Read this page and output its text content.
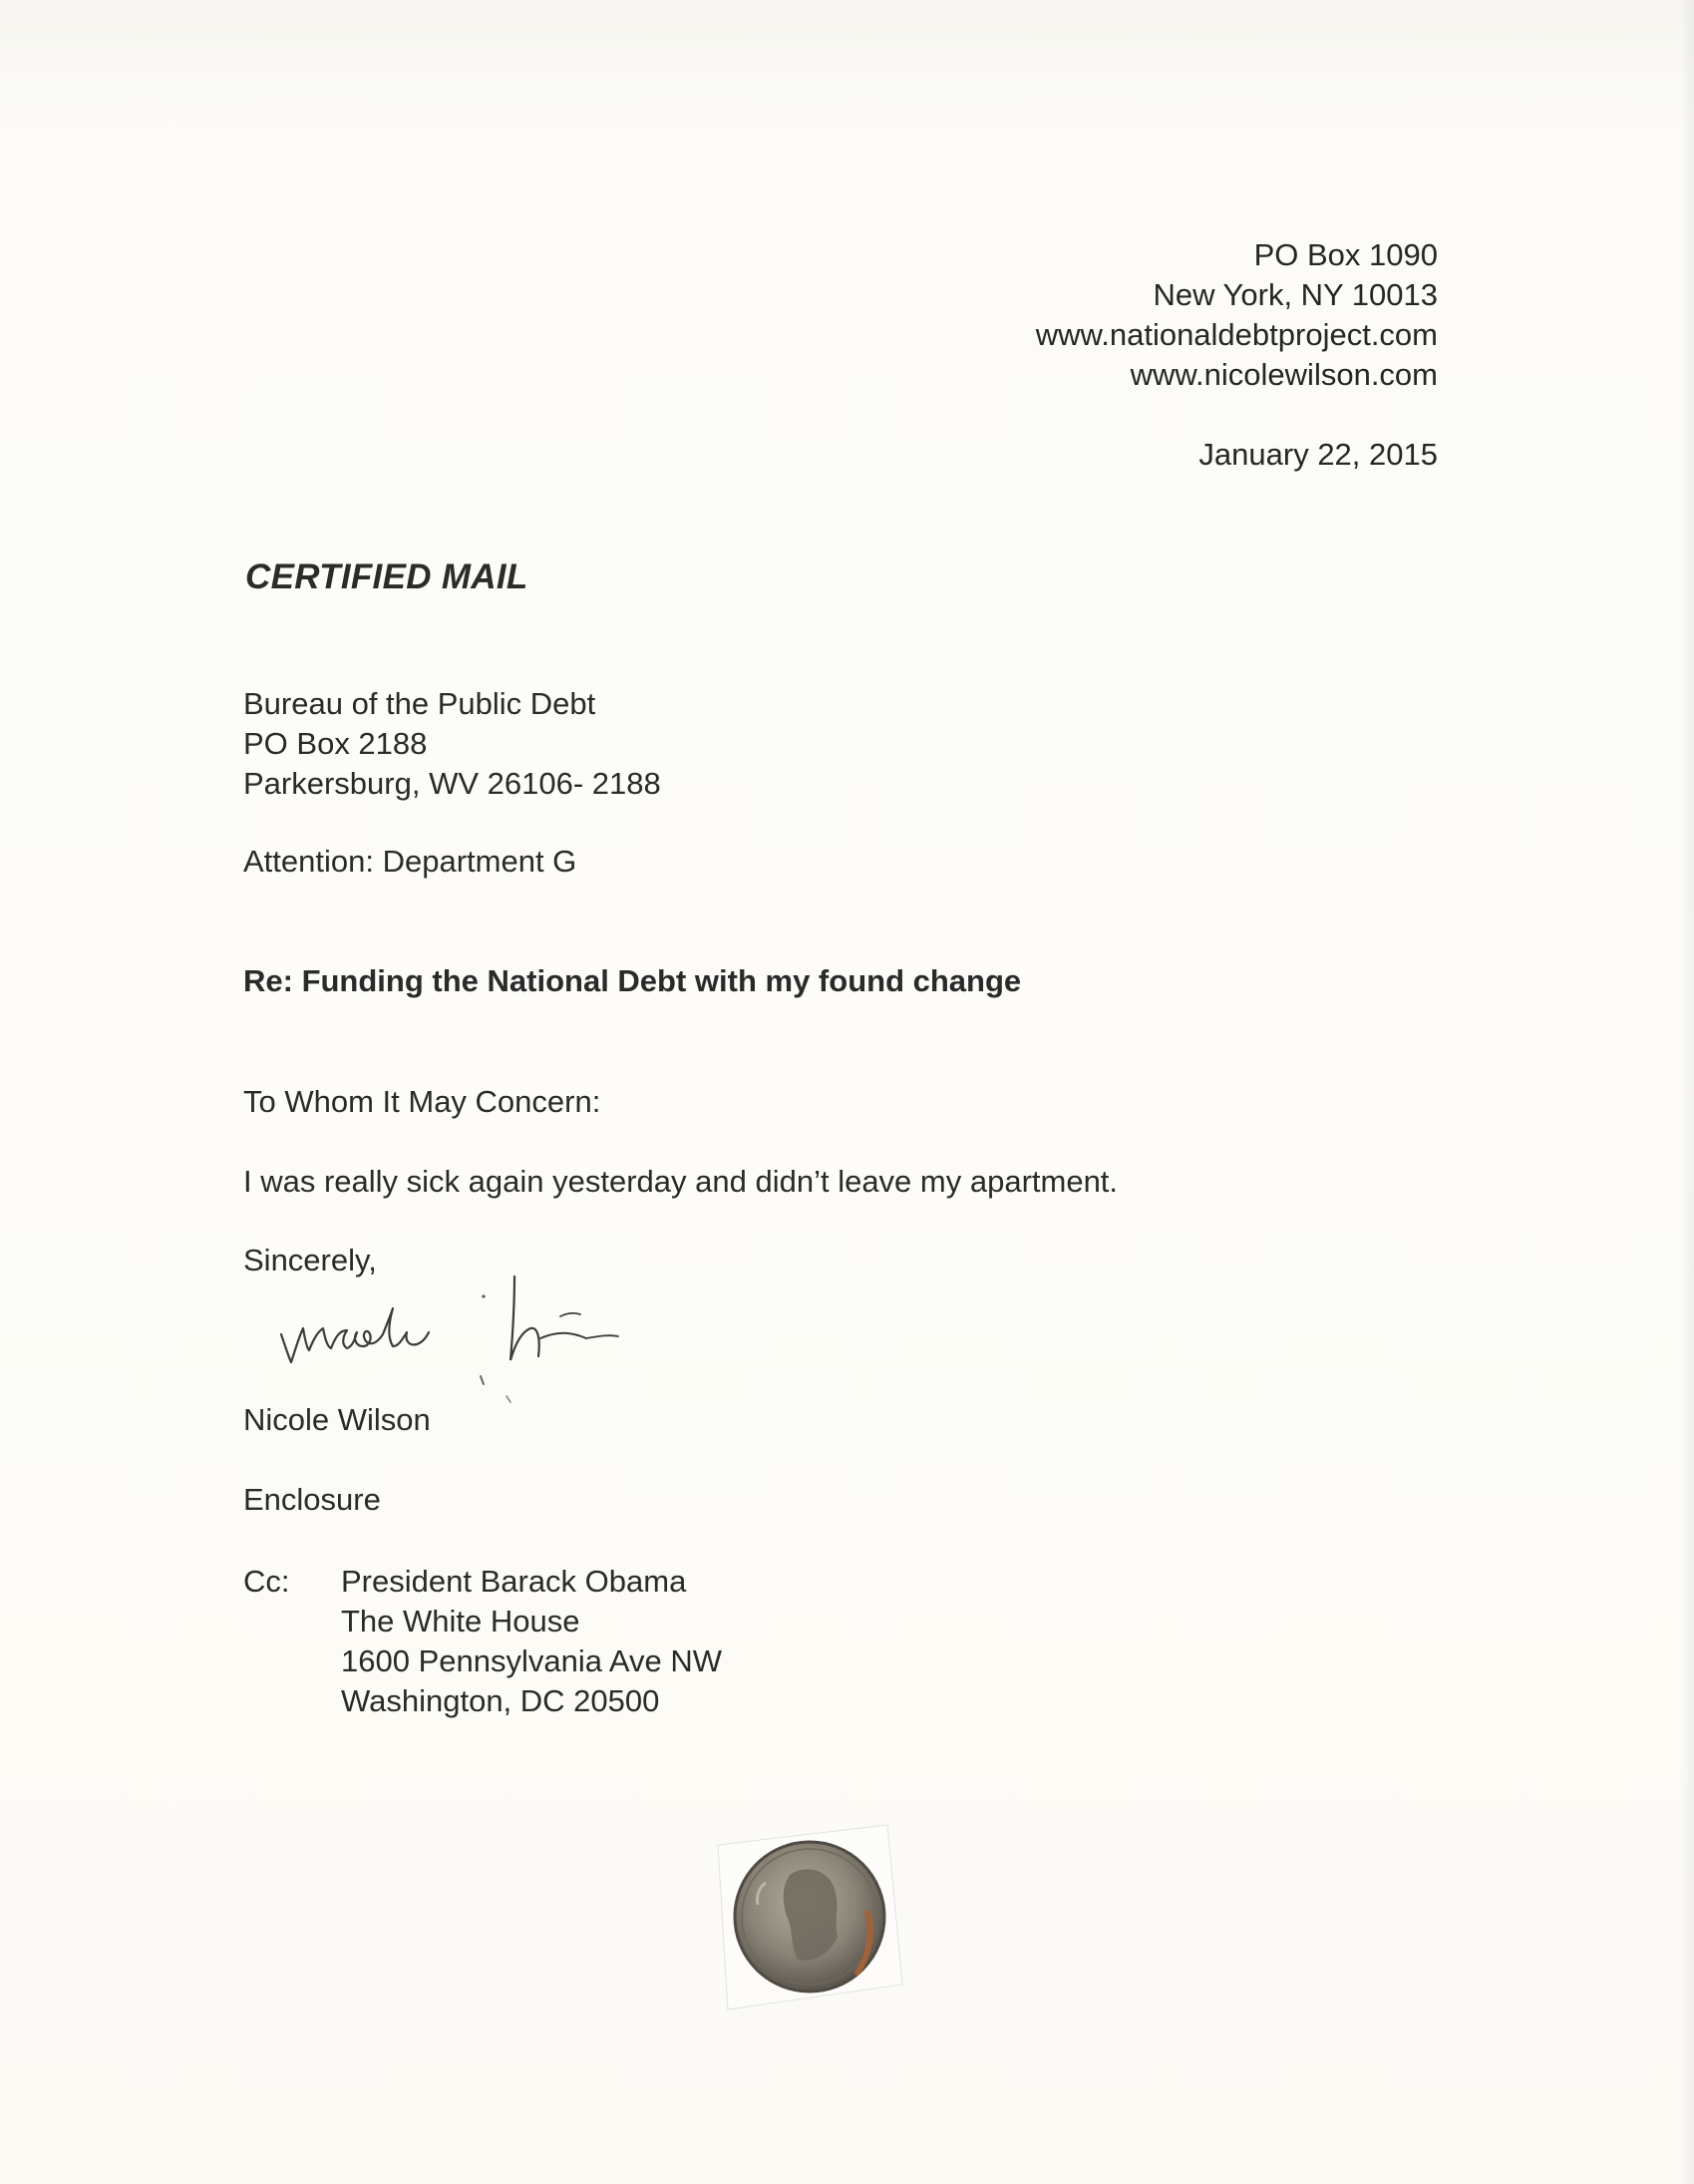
PO Box 1090
New York, NY 10013
www.nationaldebtproject.com
www.nicolewilson.com
January 22, 2015
CERTIFIED MAIL
Bureau of the Public Debt
PO Box 2188
Parkersburg, WV 26106- 2188
Attention: Department G
Re: Funding the National Debt with my found change
To Whom It May Concern:
I was really sick again yesterday and didn’t leave my apartment.
Sincerely,
Nicole Wilson
Enclosure
Cc:	President Barack Obama
The White House
1600 Pennsylvania Ave NW
Washington, DC 20500
